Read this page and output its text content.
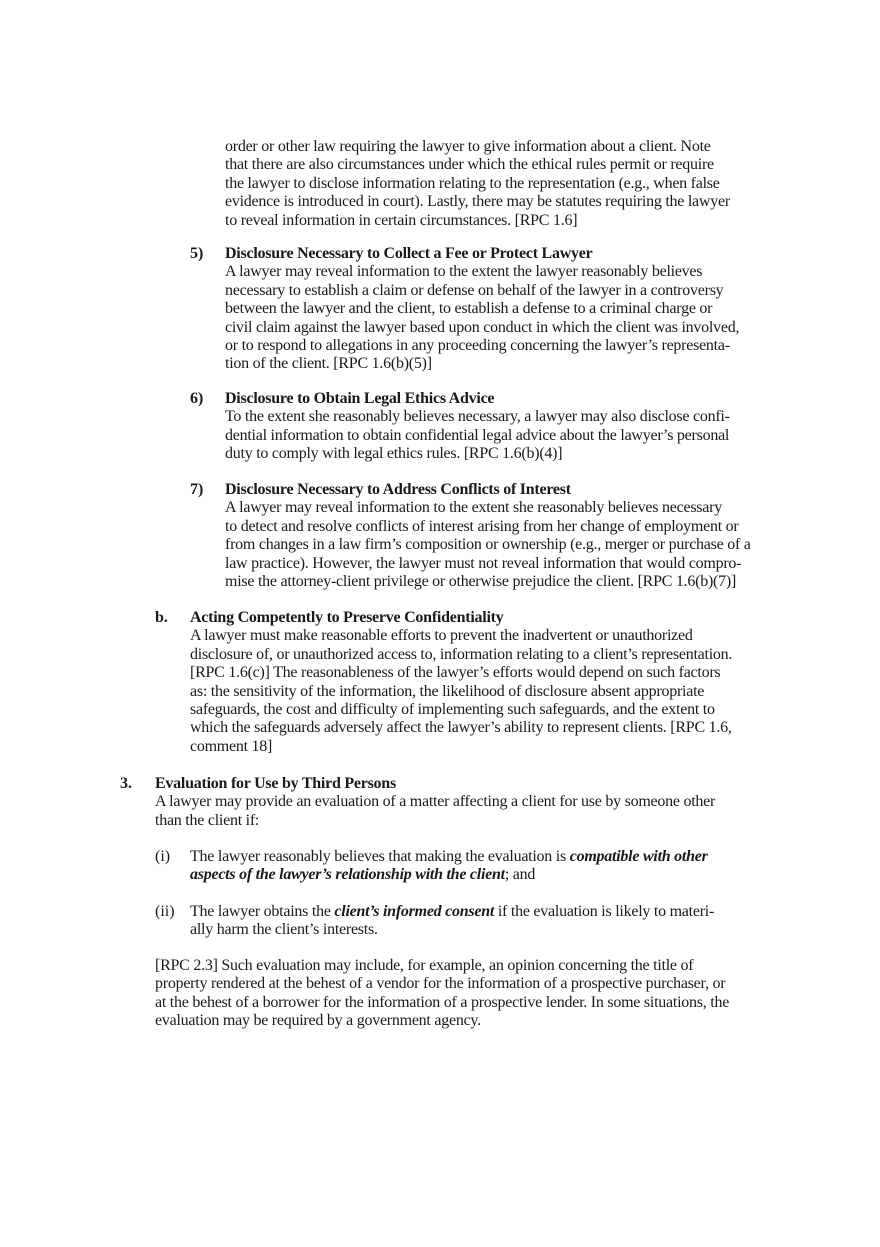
order or other law requiring the lawyer to give information about a client. Note
that there are also circumstances under which the ethical rules permit or require
the lawyer to disclose information relating to the representation (e.g., when false
evidence is introduced in court). Lastly, there may be statutes requiring the lawyer
to reveal information in certain circumstances. [RPC 1.6]
5) Disclosure Necessary to Collect a Fee or Protect Lawyer
A lawyer may reveal information to the extent the lawyer reasonably believes
necessary to establish a claim or defense on behalf of the lawyer in a controversy
between the lawyer and the client, to establish a defense to a criminal charge or
civil claim against the lawyer based upon conduct in which the client was involved,
or to respond to allegations in any proceeding concerning the lawyer’s representa-
tion of the client. [RPC 1.6(b)(5)]
6) Disclosure to Obtain Legal Ethics Advice
To the extent she reasonably believes necessary, a lawyer may also disclose confi-
dential information to obtain confidential legal advice about the lawyer’s personal
duty to comply with legal ethics rules. [RPC 1.6(b)(4)]
7) Disclosure Necessary to Address Conflicts of Interest
A lawyer may reveal information to the extent she reasonably believes necessary
to detect and resolve conflicts of interest arising from her change of employment or
from changes in a law firm’s composition or ownership (e.g., merger or purchase of a
law practice). However, the lawyer must not reveal information that would compro-
mise the attorney-client privilege or otherwise prejudice the client. [RPC 1.6(b)(7)]
b. Acting Competently to Preserve Confidentiality
A lawyer must make reasonable efforts to prevent the inadvertent or unauthorized
disclosure of, or unauthorized access to, information relating to a client’s representation.
[RPC 1.6(c)] The reasonableness of the lawyer’s efforts would depend on such factors
as: the sensitivity of the information, the likelihood of disclosure absent appropriate
safeguards, the cost and difficulty of implementing such safeguards, and the extent to
which the safeguards adversely affect the lawyer’s ability to represent clients. [RPC 1.6,
comment 18]
3. Evaluation for Use by Third Persons
A lawyer may provide an evaluation of a matter affecting a client for use by someone other
than the client if:
(i) The lawyer reasonably believes that making the evaluation is compatible with other
aspects of the lawyer’s relationship with the client; and
(ii) The lawyer obtains the client’s informed consent if the evaluation is likely to materi-
ally harm the client’s interests.
[RPC 2.3] Such evaluation may include, for example, an opinion concerning the title of
property rendered at the behest of a vendor for the information of a prospective purchaser, or
at the behest of a borrower for the information of a prospective lender. In some situations, the
evaluation may be required by a government agency.
